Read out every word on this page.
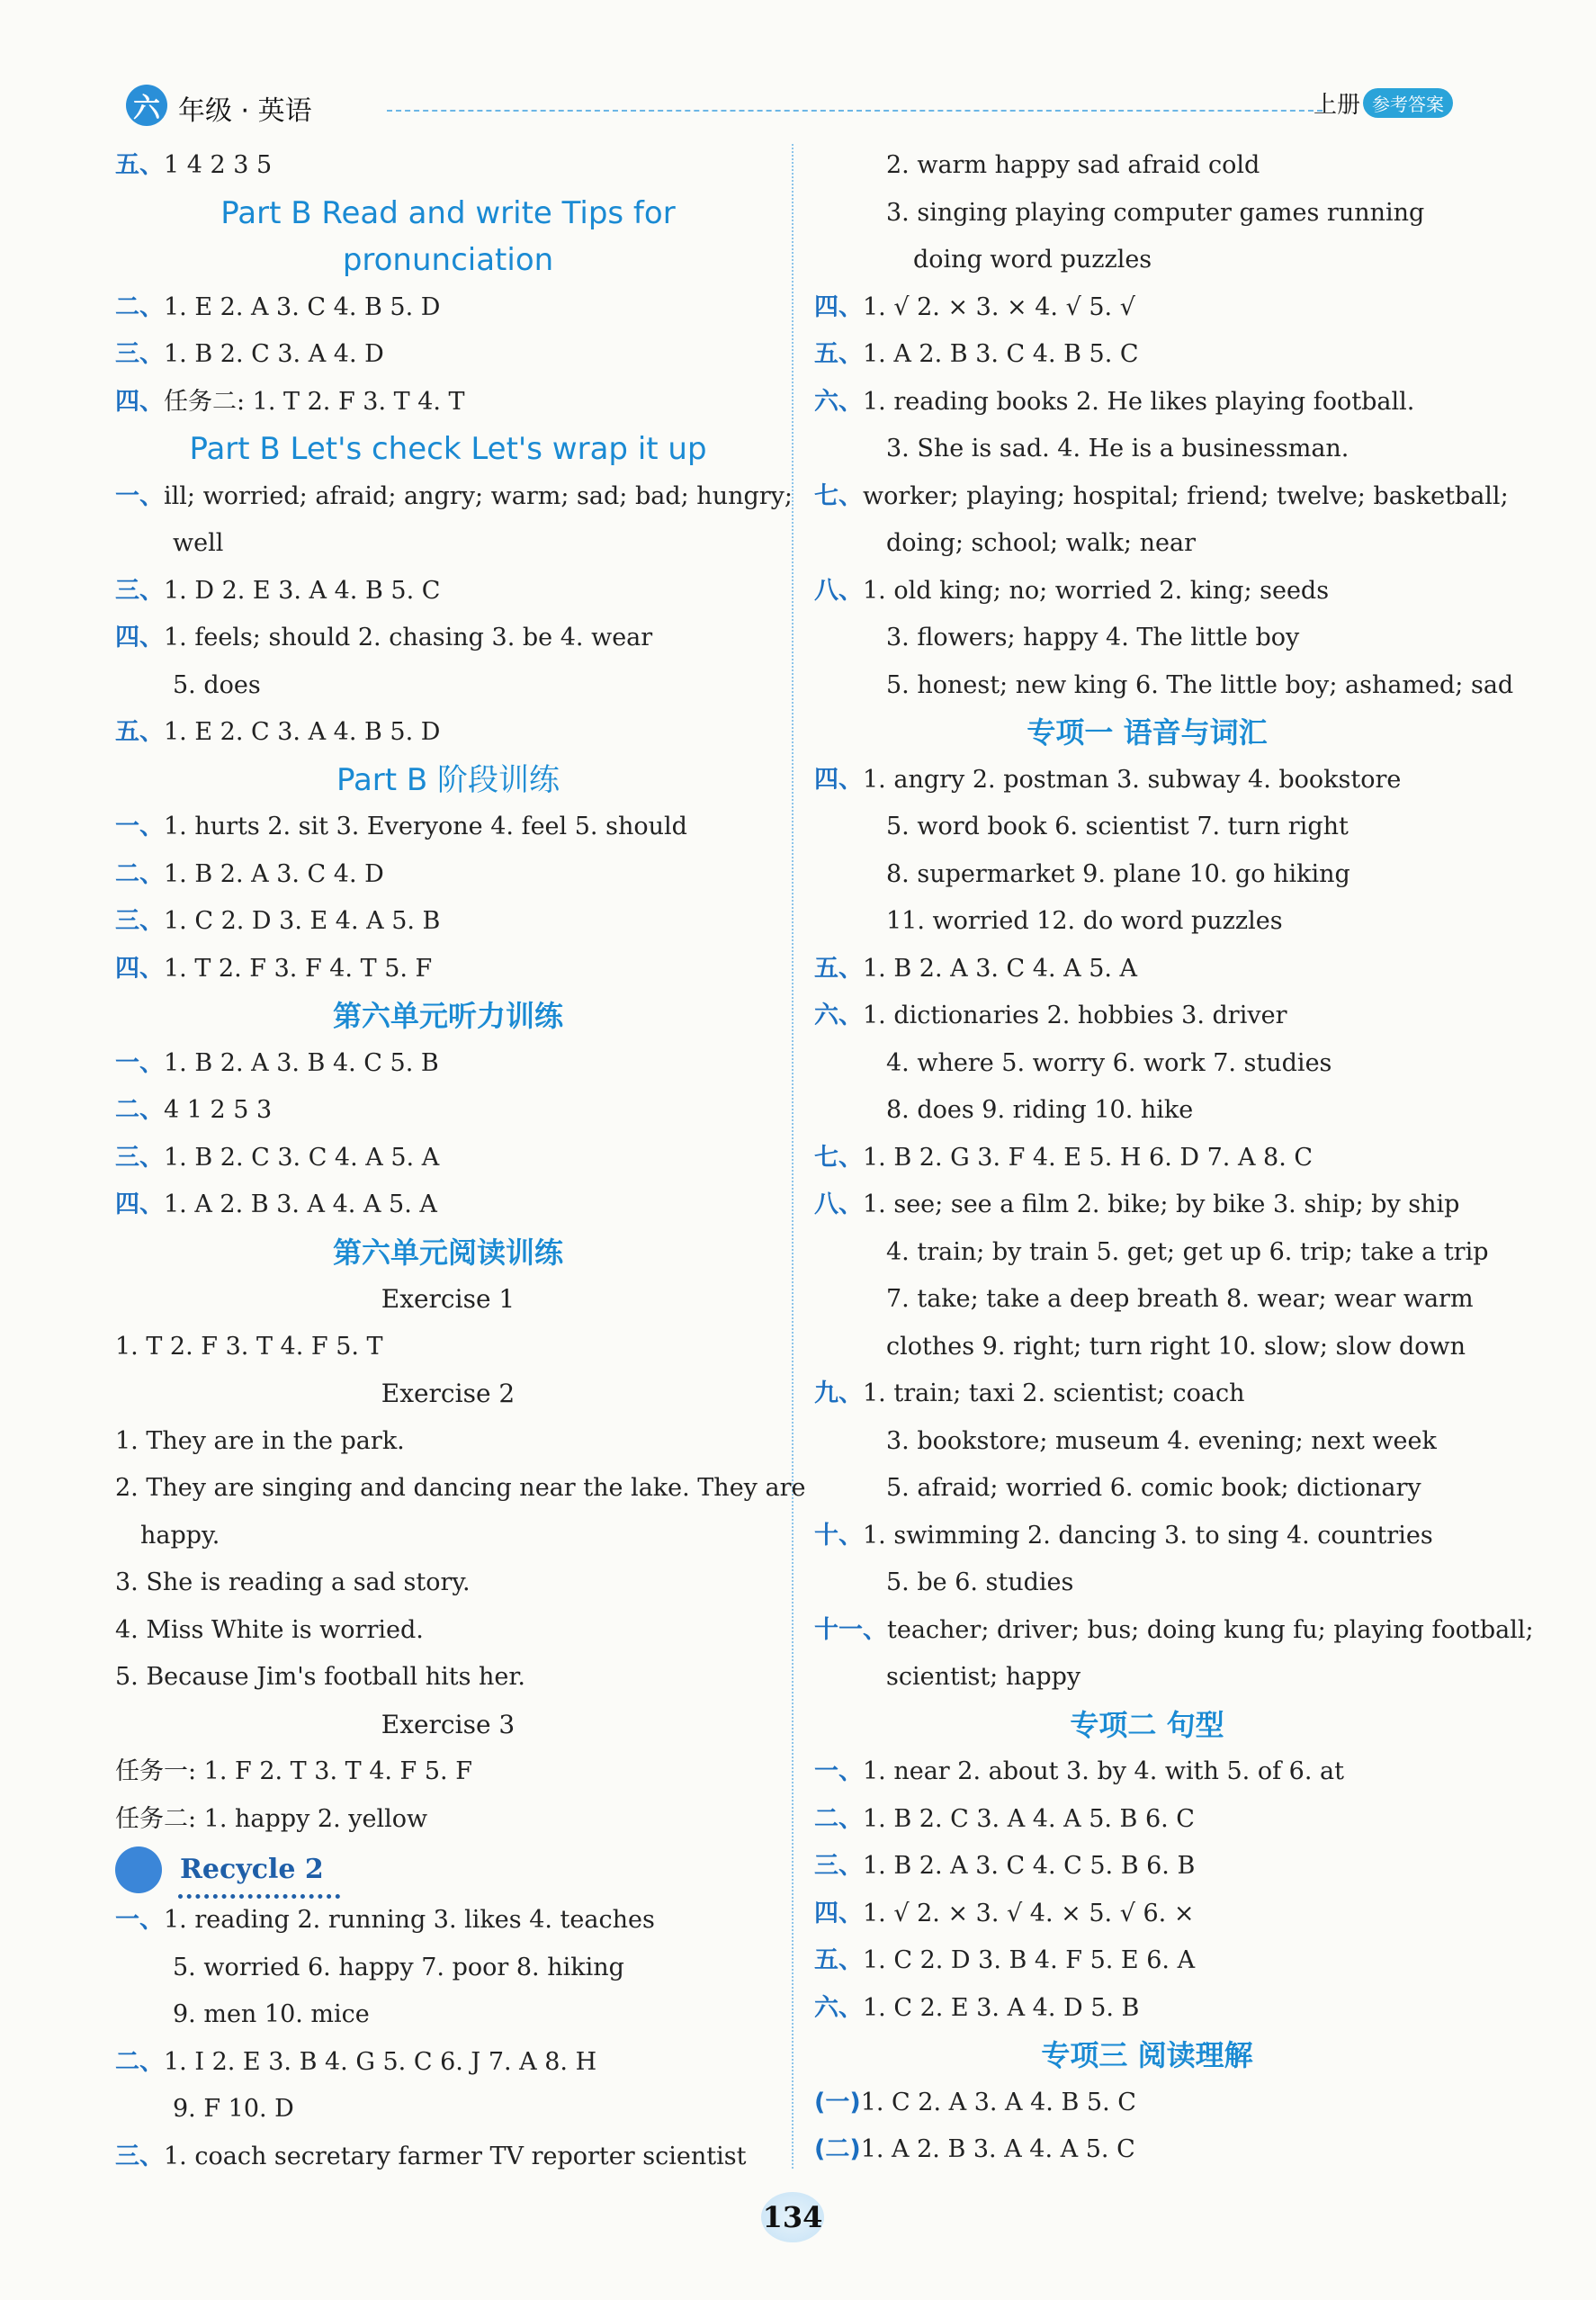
六 年级 · 英语	上册 参考答案
五、1 4 2 3 5
Part B Read and write Tips for
pronunciation
二、1. E 2. A 3. C 4. B 5. D
三、1. B 2. C 3. A 4. D
四、任务二: 1. T 2. F 3. T 4. T
Part B Let's check Let's wrap it up
一、ill; worried; afraid; angry; warm; sad; bad; hungry;
well
三、1. D 2. E 3. A 4. B 5. C
四、1. feels; should 2. chasing 3. be 4. wear
5. does
五、1. E 2. C 3. A 4. B 5. D
Part B 阶段训练
一、1. hurts 2. sit 3. Everyone 4. feel 5. should
二、1. B 2. A 3. C 4. D
三、1. C 2. D 3. E 4. A 5. B
四、1. T 2. F 3. F 4. T 5. F
第六单元听力训练
一、1. B 2. A 3. B 4. C 5. B
二、4 1 2 5 3
三、1. B 2. C 3. C 4. A 5. A
四、1. A 2. B 3. A 4. A 5. A
第六单元阅读训练
Exercise 1
1. T 2. F 3. T 4. F 5. T
Exercise 2
1. They are in the park.
2. They are singing and dancing near the lake. They are
happy.
3. She is reading a sad story.
4. Miss White is worried.
5. Because Jim's football hits her.
Exercise 3
任务一: 1. F 2. T 3. T 4. F 5. F
任务二: 1. happy 2. yellow
Recycle 2
一、1. reading 2. running 3. likes 4. teaches
5. worried 6. happy 7. poor 8. hiking
9. men 10. mice
二、1. I 2. E 3. B 4. G 5. C 6. J 7. A 8. H
9. F 10. D
三、1. coach secretary farmer TV reporter scientist
2. warm happy sad afraid cold
3. singing playing computer games running
doing word puzzles
四、1. √ 2. × 3. × 4. √ 5. √
五、1. A 2. B 3. C 4. B 5. C
六、1. reading books 2. He likes playing football.
3. She is sad. 4. He is a businessman.
七、worker; playing; hospital; friend; twelve; basketball;
doing; school; walk; near
八、1. old king; no; worried 2. king; seeds
3. flowers; happy 4. The little boy
5. honest; new king 6. The little boy; ashamed; sad
专项一 语音与词汇
四、1. angry 2. postman 3. subway 4. bookstore
5. word book 6. scientist 7. turn right
8. supermarket 9. plane 10. go hiking
11. worried 12. do word puzzles
五、1. B 2. A 3. C 4. A 5. A
六、1. dictionaries 2. hobbies 3. driver
4. where 5. worry 6. work 7. studies
8. does 9. riding 10. hike
七、1. B 2. G 3. F 4. E 5. H 6. D 7. A 8. C
八、1. see; see a film 2. bike; by bike 3. ship; by ship
4. train; by train 5. get; get up 6. trip; take a trip
7. take; take a deep breath 8. wear; wear warm
clothes 9. right; turn right 10. slow; slow down
九、1. train; taxi 2. scientist; coach
3. bookstore; museum 4. evening; next week
5. afraid; worried 6. comic book; dictionary
十、1. swimming 2. dancing 3. to sing 4. countries
5. be 6. studies
十一、teacher; driver; bus; doing kung fu; playing football;
scientist; happy
专项二 句型
一、1. near 2. about 3. by 4. with 5. of 6. at
二、1. B 2. C 3. A 4. A 5. B 6. C
三、1. B 2. A 3. C 4. C 5. B 6. B
四、1. √ 2. × 3. √ 4. × 5. √ 6. ×
五、1. C 2. D 3. B 4. F 5. E 6. A
六、1. C 2. E 3. A 4. D 5. B
专项三 阅读理解
(一)1. C 2. A 3. A 4. B 5. C
(二)1. A 2. B 3. A 4. A 5. C
134
